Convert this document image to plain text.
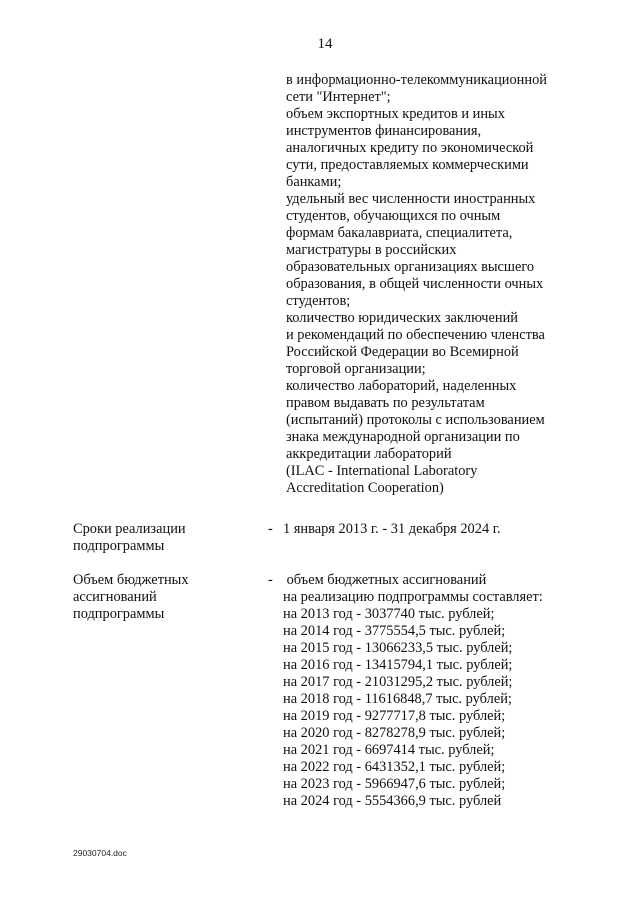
14
в информационно-телекоммуникационной
сети "Интернет";
объем экспортных кредитов и иных
инструментов финансирования,
аналогичных кредиту по экономической
сути, предоставляемых коммерческими
банками;
удельный вес численности иностранных
студентов, обучающихся по очным
формам бакалавриата, специалитета,
магистратуры в российских
образовательных организациях высшего
образования, в общей численности очных
студентов;
количество юридических заключений
и рекомендаций по обеспечению членства
Российской Федерации во Всемирной
торговой организации;
количество лабораторий, наделенных
правом выдавать по результатам
(испытаний) протоколы с использованием
знака международной организации по
аккредитации лабораторий
(ILAC - International Laboratory
Accreditation Cooperation)
Сроки реализации
подпрограммы
- 1 января 2013 г. - 31 декабря 2024 г.
Объем бюджетных
ассигнований
подпрограммы
- объем бюджетных ассигнований
на реализацию подпрограммы составляет:
на 2013 год - 3037740 тыс. рублей;
на 2014 год - 3775554,5 тыс. рублей;
на 2015 год - 13066233,5 тыс. рублей;
на 2016 год - 13415794,1 тыс. рублей;
на 2017 год - 21031295,2 тыс. рублей;
на 2018 год - 11616848,7 тыс. рублей;
на 2019 год - 9277717,8 тыс. рублей;
на 2020 год - 8278278,9 тыс. рублей;
на 2021 год - 6697414 тыс. рублей;
на 2022 год - 6431352,1 тыс. рублей;
на 2023 год - 5966947,6 тыс. рублей;
на 2024 год - 5554366,9 тыс. рублей
29030704.doc
